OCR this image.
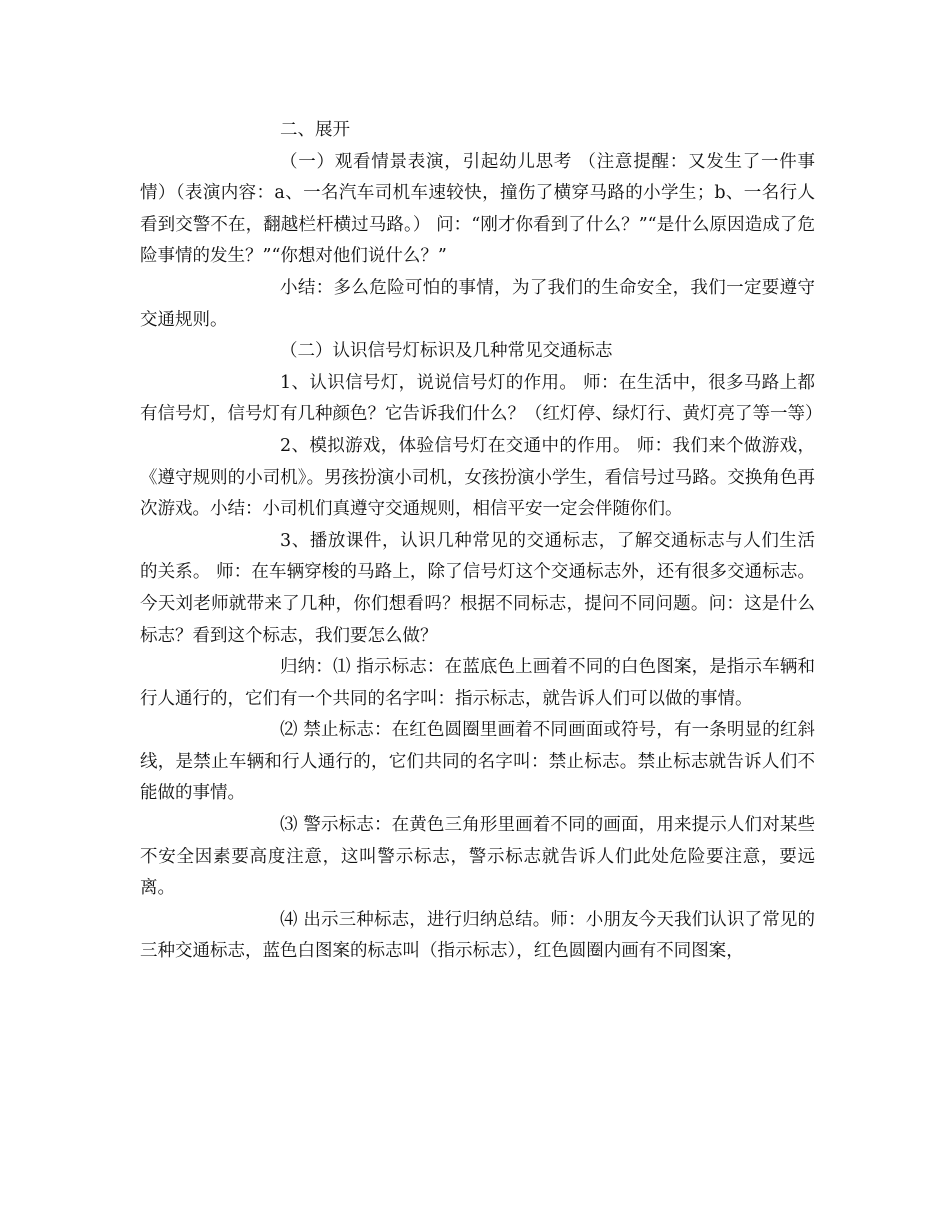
二、展开

（一）观看情景表演，引起幼儿思考 （注意提醒：又发生了一件事情）（表演内容：a、一名汽车司机车速较快，撞伤了横穿马路的小学生；b、一名行人看到交警不在，翻越栏杆横过马路。） 问：“刚才你看到了什么？”“是什么原因造成了危险事情的发生？”“你想对他们说什么？”

小结：多么危险可怕的事情，为了我们的生命安全，我们一定要遵守交通规则。

（二）认识信号灯标识及几种常见交通标志

1、认识信号灯，说说信号灯的作用。 师：在生活中，很多马路上都有信号灯，信号灯有几种颜色？它告诉我们什么？（红灯停、绿灯行、黄灯亮了等一等）

2、模拟游戏，体验信号灯在交通中的作用。 师：我们来个做游戏，《遵守规则的小司机》。男孩扮演小司机，女孩扮演小学生，看信号过马路。交换角色再次游戏。小结：小司机们真遵守交通规则，相信平安一定会伴随你们。

3、播放课件，认识几种常见的交通标志，了解交通标志与人们生活的关系。 师：在车辆穿梭的马路上，除了信号灯这个交通标志外，还有很多交通标志。今天刘老师就带来了几种，你们想看吗？根据不同标志，提问不同问题。问：这是什么标志？看到这个标志，我们要怎么做？

归纳：⑴ 指示标志：在蓝底色上画着不同的白色图案，是指示车辆和行人通行的，它们有一个共同的名字叫：指示标志，就告诉人们可以做的事情。

⑵ 禁止标志：在红色圆圈里画着不同画面或符号，有一条明显的红斜线，是禁止车辆和行人通行的，它们共同的名字叫：禁止标志。禁止标志就告诉人们不能做的事情。

⑶ 警示标志：在黄色三角形里画着不同的画面，用来提示人们对某些不安全因素要高度注意，这叫警示标志，警示标志就告诉人们此处危险要注意，要远离。

⑷ 出示三种标志，进行归纳总结。师：小朋友今天我们认识了常见的三种交通标志，蓝色白图案的标志叫（指示标志），红色圆圈内画有不同图案，
